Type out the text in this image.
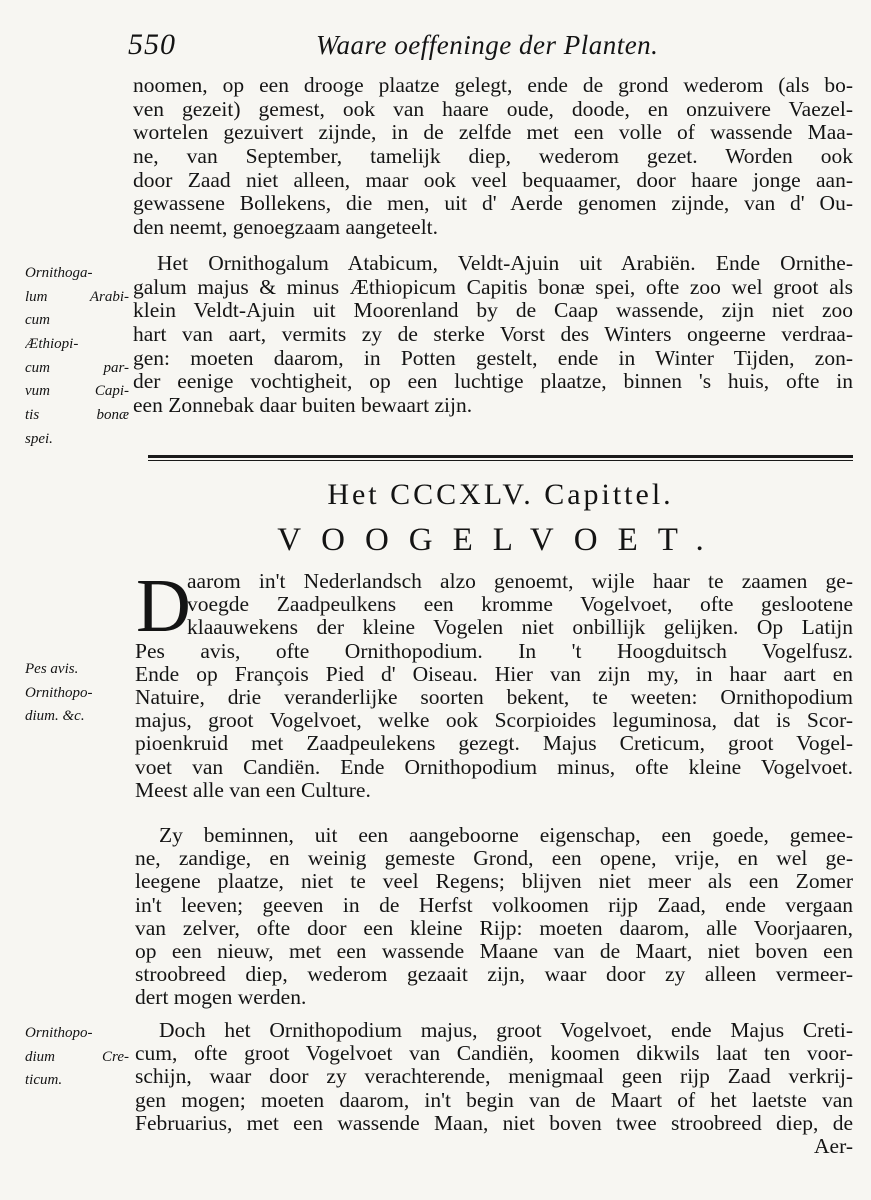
550	Waare oeffeninge der Planten.
noomen, op een drooge plaatze gelegt, ende de grond wederom (als bo-
ven gezeit) gemest, ook van haare oude, doode, en onzuivere Vaezel-
wortelen gezuivert zijnde, in de zelfde met een volle of wassende Maa-
ne, van September, tamelijk diep, wederom gezet. Worden ook
door Zaad niet alleen, maar ook veel bequaamer, door haare jonge aan-
gewassene Bollekens, die men, uit d' Aerde genomen zijnde, van d' Ou-
den neemt, genoegzaam aangeteelt.
Het Ornithogalum Atabicum, Veldt-Ajuin uit Arabiën. Ende Ornithe-
galum majus & minus Æthiopicum Capitis bonæ spei, ofte zoo wel groot als
klein Veldt-Ajuin uit Moorenland by de Caap wassende, zijn niet zoo
hart van aart, vermits zy de sterke Vorst des Winters ongeerne verdraa-
gen: moeten daarom, in Potten gestelt, ende in Winter Tijden, zon-
der eenige vochtigheit, op een luchtige plaatze, binnen 's huis, ofte in
een Zonnebak daar buiten bewaart zijn.
Ornithoga-
lum Arabi-
cum
Æthiopi-
cum par-
vum Capi-
tis bonæ
spei.
Het CCCXLV. Capittel.
VOOGELVOET.
D
aarom in't Nederlandsch alzo genoemt, wijle haar te zaamen ge-
voegde Zaadpeulkens een kromme Vogelvoet, ofte geslootene
klaauwekens der kleine Vogelen niet onbillijk gelijken. Op Latijn
Pes avis, ofte Ornithopodium. In 't Hoogduitsch Vogelfusz.
Ende op François Pied d' Oiseau. Hier van zijn my, in haar aart en
Natuire, drie veranderlijke soorten bekent, te weeten: Ornithopodium
majus, groot Vogelvoet, welke ook Scorpioides leguminosa, dat is Scor-
pioenkruid met Zaadpeulekens gezegt. Majus Creticum, groot Vogel-
voet van Candiën. Ende Ornithopodium minus, ofte kleine Vogelvoet.
Meest alle van een Culture.
Pes avis.
Ornithopo-
dium. &c.
Zy beminnen, uit een aangeboorne eigenschap, een goede, gemee-
ne, zandige, en weinig gemeste Grond, een opene, vrije, en wel ge-
leegene plaatze, niet te veel Regens; blijven niet meer als een Zomer
in't leeven; geeven in de Herfst volkoomen rijp Zaad, ende vergaan
van zelver, ofte door een kleine Rijp: moeten daarom, alle Voorjaaren,
op een nieuw, met een wassende Maane van de Maart, niet boven een
stroobreed diep, wederom gezaait zijn, waar door zy alleen vermeer-
dert mogen werden.
Doch het Ornithopodium majus, groot Vogelvoet, ende Majus Creti-
cum, ofte groot Vogelvoet van Candiën, koomen dikwils laat ten voor-
schijn, waar door zy verachterende, menigmaal geen rijp Zaad verkrij-
gen mogen; moeten daarom, in't begin van de Maart of het laetste van
Februarius, met een wassende Maan, niet boven twee stroobreed diep, de
Aer-
Ornithopo-
dium Cre-
ticum.
